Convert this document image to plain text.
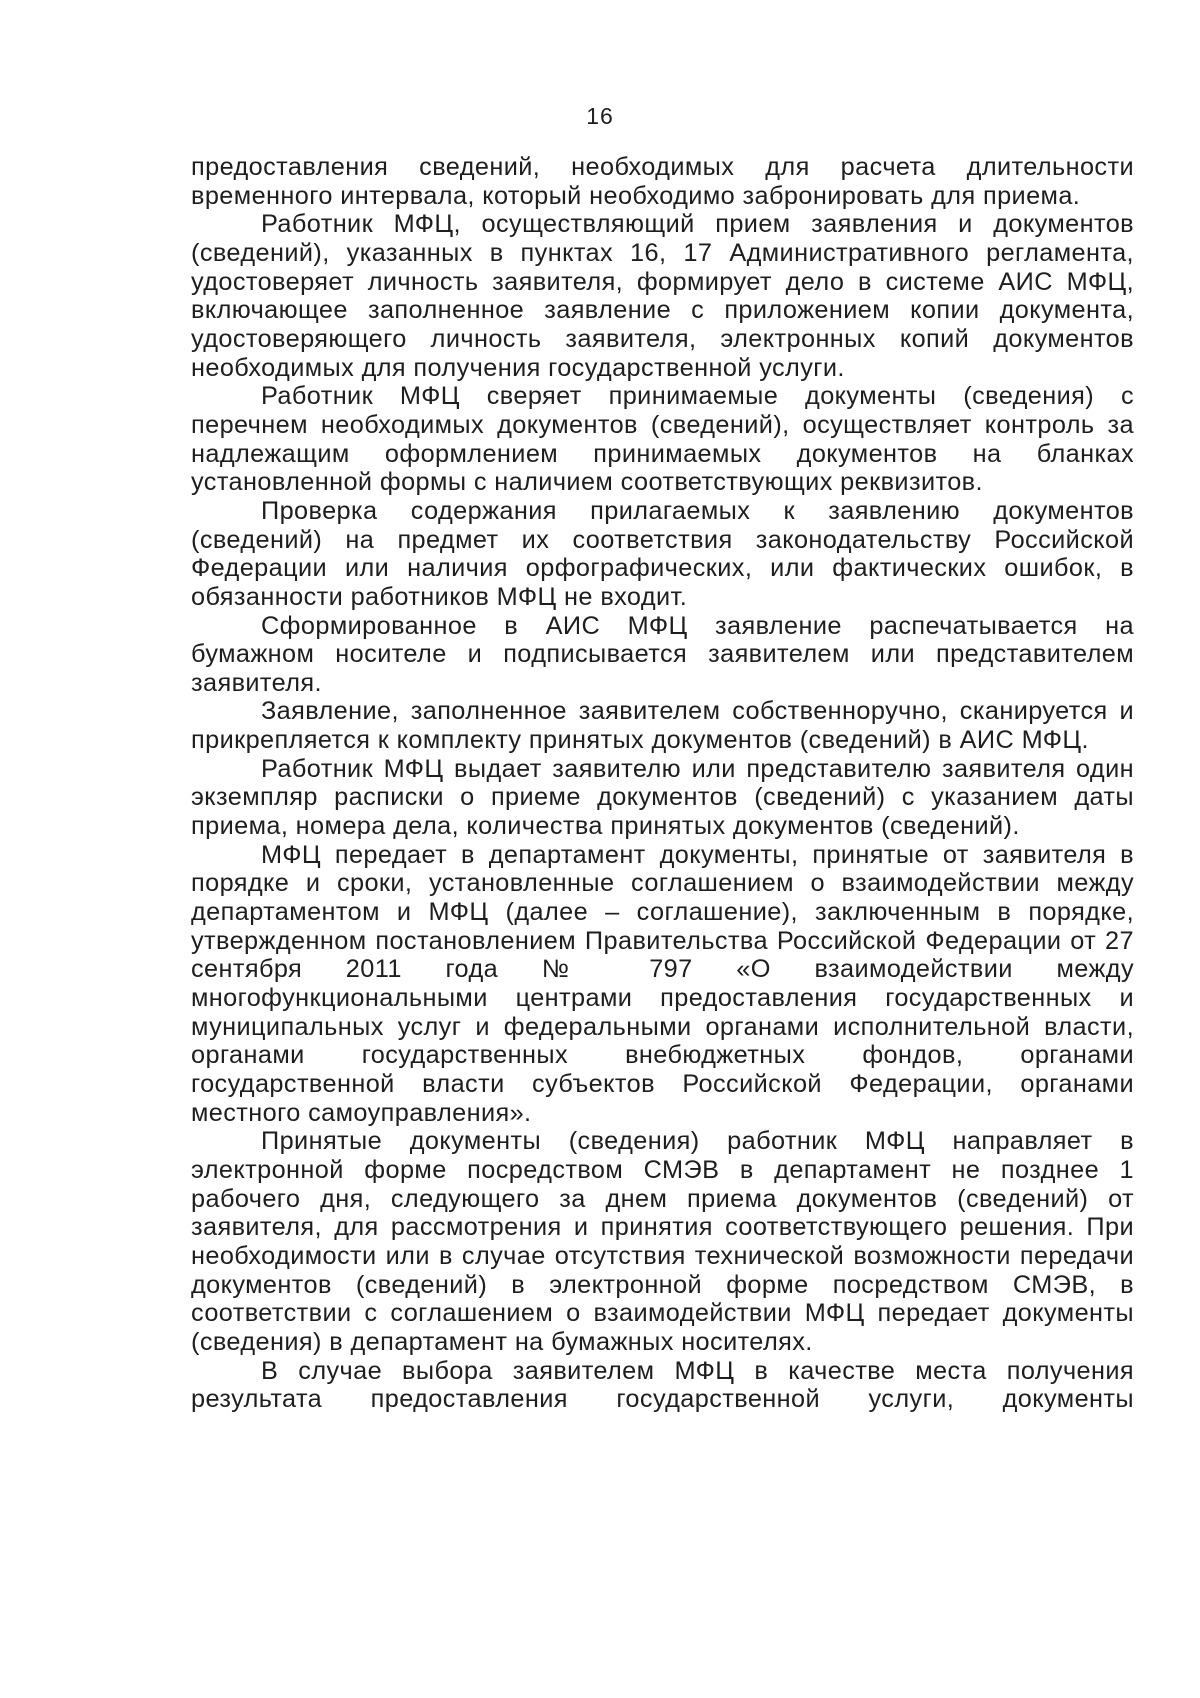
16

предоставления сведений, необходимых для расчета длительности временного интервала, который необходимо забронировать для приема.

Работник МФЦ, осуществляющий прием заявления и документов (сведений), указанных в пунктах 16, 17 Административного регламента, удостоверяет личность заявителя, формирует дело в системе АИС МФЦ, включающее заполненное заявление с приложением копии документа, удостоверяющего личность заявителя, электронных копий документов необходимых для получения государственной услуги.

Работник МФЦ сверяет принимаемые документы (сведения) с перечнем необходимых документов (сведений), осуществляет контроль за надлежащим оформлением принимаемых документов на бланках установленной формы с наличием соответствующих реквизитов.

Проверка содержания прилагаемых к заявлению документов (сведений) на предмет их соответствия законодательству Российской Федерации или наличия орфографических, или фактических ошибок, в обязанности работников МФЦ не входит.

Сформированное в АИС МФЦ заявление распечатывается на бумажном носителе и подписывается заявителем или представителем заявителя.

Заявление, заполненное заявителем собственноручно, сканируется и прикрепляется к комплекту принятых документов (сведений) в АИС МФЦ.

Работник МФЦ выдает заявителю или представителю заявителя один экземпляр расписки о приеме документов (сведений) с указанием даты приема, номера дела, количества принятых документов (сведений).

МФЦ передает в департамент документы, принятые от заявителя в порядке и сроки, установленные соглашением о взаимодействии между департаментом и МФЦ (далее – соглашение), заключенным в порядке, утвержденном постановлением Правительства Российской Федерации от 27 сентября 2011 года № 797 «О взаимодействии между многофункциональными центрами предоставления государственных и муниципальных услуг и федеральными органами исполнительной власти, органами государственных внебюджетных фондов, органами государственной власти субъектов Российской Федерации, органами местного самоуправления».

Принятые документы (сведения) работник МФЦ направляет в электронной форме посредством СМЭВ в департамент не позднее 1 рабочего дня, следующего за днем приема документов (сведений) от заявителя, для рассмотрения и принятия соответствующего решения. При необходимости или в случае отсутствия технической возможности передачи документов (сведений) в электронной форме посредством СМЭВ, в соответствии с соглашением о взаимодействии МФЦ передает документы (сведения) в департамент на бумажных носителях.

В случае выбора заявителем МФЦ в качестве места получения результата предоставления государственной услуги, документы
